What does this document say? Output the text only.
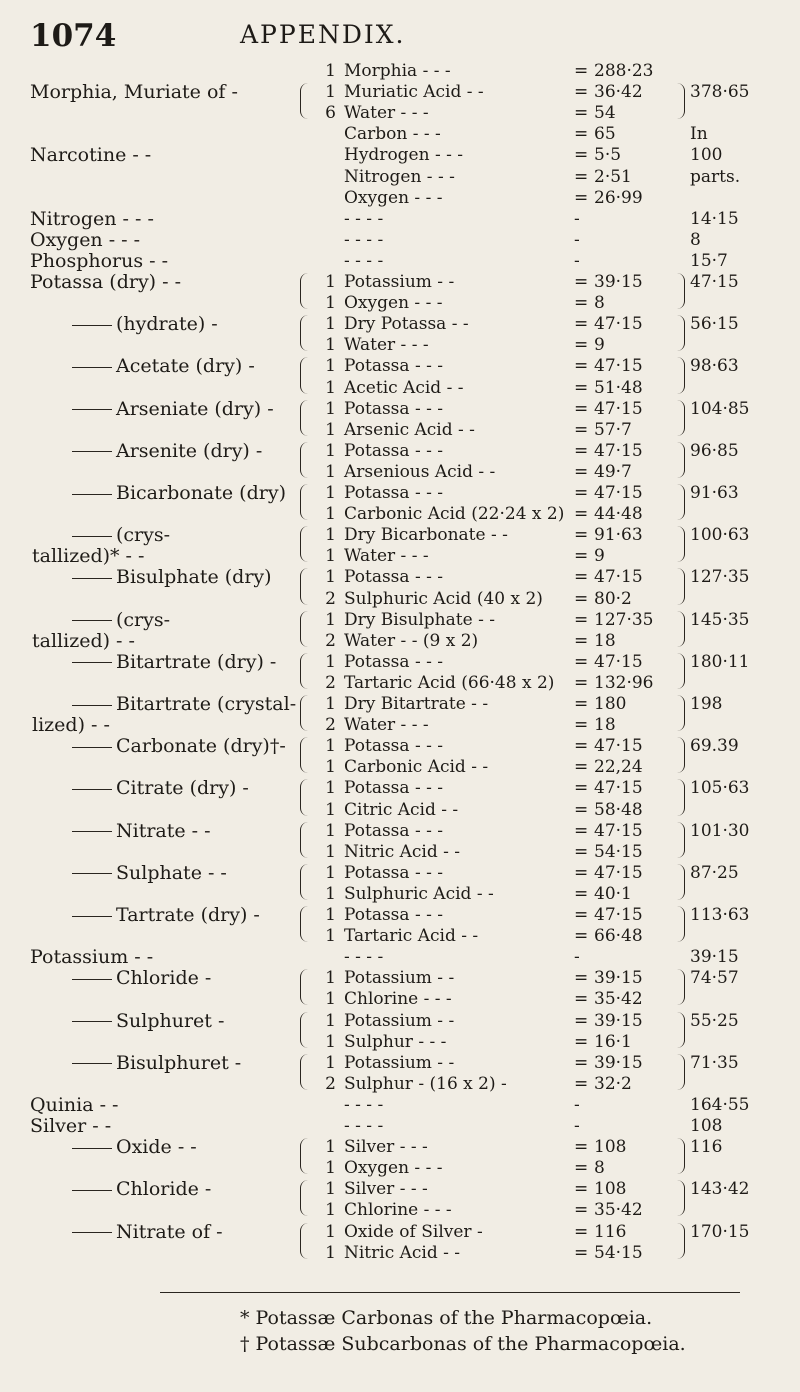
1074	APPENDIX.
1 Morphia - - -	= 288·23
Morphia, Muriate of -	1 Muriatic Acid - -	= 36·42	378·65
6 Water - - -	= 54
Carbon - - -	= 65	In
Narcotine - -	Hydrogen - - -	= 5·5	100
Nitrogen - - -	= 2·51	parts.
Oxygen - - -	= 26·99
Nitrogen - - -	- - - -	-	14·15
Oxygen - - -	- - - -	-	8
Phosphorus - -	- - - -	-	15·7
Potassa (dry) - -	1 Potassium - -	= 39·15	47·15
1 Oxygen - - -	= 8
(hydrate) -	1 Dry Potassa - -	= 47·15	56·15
1 Water - - -	= 9
Acetate (dry) -	1 Potassa - - -	= 47·15	98·63
1 Acetic Acid - -	= 51·48
Arseniate (dry) -	1 Potassa - - -	= 47·15	104·85
1 Arsenic Acid - -	= 57·7
Arsenite (dry) -	1 Potassa - - -	= 47·15	96·85
1 Arsenious Acid - -	= 49·7
Bicarbonate (dry) 1 Potassa - - -	= 47·15	91·63
1 Carbonic Acid (22·24 x 2) = 44·48
(crys-	1 Dry Bicarbonate - -	= 91·63	100·63
tallized)* - -	1 Water - - -	= 9
Bisulphate (dry)	1 Potassa - - -	= 47·15	127·35
2 Sulphuric Acid (40 x 2) = 80·2
(crys-	1 Dry Bisulphate - -	= 127·35 145·35
tallized) - -	2 Water - - (9 x 2)	= 18
Bitartrate (dry) -	1 Potassa - - -	= 47·15	180·11
2 Tartaric Acid (66·48 x 2) = 132·96
Bitartrate (crystal- 1 Dry Bitartrate - -	= 180	198
lized) - -	2 Water - - -	= 18
Carbonate (dry)†- 1 Potassa - - -	= 47·15	69.39
1 Carbonic Acid - -	= 22,24
Citrate (dry) -	1 Potassa - - -	= 47·15	105·63
1 Citric Acid - -	= 58·48
Nitrate - -	1 Potassa - - -	= 47·15	101·30
1 Nitric Acid - -	= 54·15
Sulphate - -	1 Potassa - - -	= 47·15	87·25
1 Sulphuric Acid - -	= 40·1
Tartrate (dry) -	1 Potassa - - -	= 47·15	113·63
1 Tartaric Acid - -	= 66·48
Potassium - -	- - - -	-	39·15
Chloride -	1 Potassium - -	= 39·15	74·57
1 Chlorine - - -	= 35·42
Sulphuret -	1 Potassium - -	= 39·15	55·25
1 Sulphur - - -	= 16·1
Bisulphuret -	1 Potassium - -	= 39·15	71·35
2 Sulphur - (16 x 2) -	= 32·2
Quinia - -	- - - -	-	164·55
Silver - -	- - - -	-	108
Oxide - -	1 Silver - - -	= 108	116
1 Oxygen - - -	= 8
Chloride -	1 Silver - - -	= 108	143·42
1 Chlorine - - -	= 35·42
Nitrate of -	1 Oxide of Silver -	= 116	170·15
1 Nitric Acid - -	= 54·15
* Potassæ Carbonas of the Pharmacopœia.
† Potassæ Subcarbonas of the Pharmacopœia.
